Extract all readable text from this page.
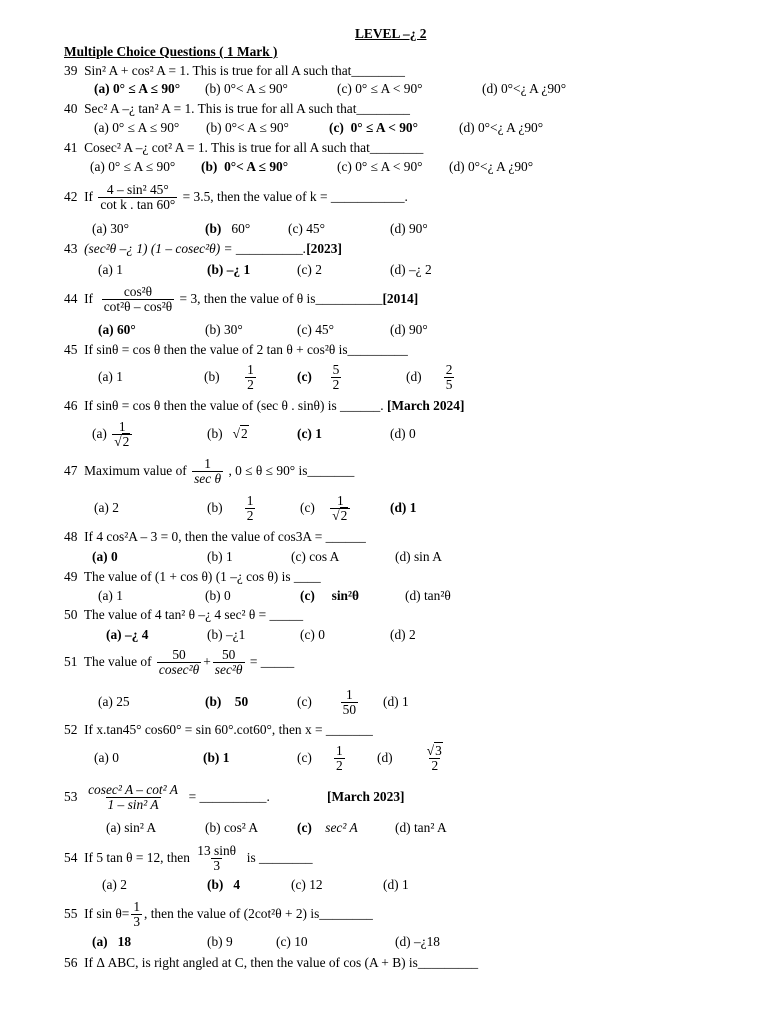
LEVEL –¿ 2
Multiple Choice Questions ( 1 Mark )
39 Sin² A + cos² A = 1. This is true for all A such that________
(a) 0° ≤ A ≤ 90° (b) 0°< A ≤ 90°	(c) 0° ≤ A < 90°	(d) 0°<¿ A ¿90°
40 Sec² A –¿ tan² A = 1. This is true for all A such that________
(a) 0° ≤ A ≤ 90° (b) 0°< A ≤ 90°	(c) 0° ≤ A < 90°	(d) 0°<¿ A ¿90°
41 Cosec² A –¿ cot² A = 1. This is true for all A such that________
(a) 0° ≤ A ≤ 90° (b) 0°< A ≤ 90°	(c) 0° ≤ A < 90° (d) 0°<¿ A ¿90°
42 If $\frac{\text{4 – sin² 45°}}{\text{cot k . tan 60°}} = 3.5$, then the value of k = ___________.
(a) 30°	(b) 60°	(c) 45°	(d) 90°
43 (sec²θ –¿ 1) (1 – cosec²θ) = __________.[2023]
(a) 1	(b) –¿ 1	(c) 2	(d) –¿ 2
44 If $\frac{\text{cos²θ}}{\text{cot²θ – cos²θ}} = 3$, then the value of θ is__________[2014]
(a) 60°	(b) 30°	(c) 45°	(d) 90°
45 If sinθ = cos θ then the value of 2 tan θ + cos²θ is_________
(a) 1	$(b) \frac{1}{2}$	$(c) \frac{5}{2}$	$(d) \frac{2}{5}$
46 If sinθ = cos θ then the value of (sec θ . sinθ) is ______. [March 2024]
$(a) \frac{1}{√2}$	(b)   √2	(c) 1	(d) 0
47 Maximum value of $\frac{1}{\text{sec θ}}$ , 0 ≤ θ ≤ 90° is_______
(a) 2	$(b) \frac{1}{2}$	$(c) \frac{1}{√2}$	(d) 1
48 If 4 cos²A – 3 = 0, then the value of cos3A = ______
(a) 0	(b) 1	(c) cos A	(d) sin A
49 The value of (1 + cos θ) (1 –¿ cos θ) is ____
(a) 1	(b) 0	(c) sin²θ	(d) tan²θ
50 The value of 4 tan² θ –¿ 4 sec² θ = _____
(a) –¿ 4	(b) –¿1	(c) 0	(d) 2
51 The value of $\frac{50}{\text{cosec²θ}} + \frac{50}{\text{sec²θ}}$ = _____
(a) 25	(b) 50	$(c) \frac{1}{50} (d)$ 1
52 If x.tan45° cos60° = sin 60°.cot60°, then x = _______
(a) 0	(b) 1	$(c) \frac{1}{2} (d) \frac{√3}{2}$
$53 \frac{\text{cosec² A – cot² A}}{\text{1 – sin² A}}$ = __________.	[March 2023]
(a) sin² A	(b) cos² A	(c) sec² A	(d) tan² A
54 If 5 tan θ = 12, then $\frac{13 \sin\theta}{3}$ is ________
(a) 2	(b) 4	(c) 12	(d) 1
55 If $\sin \theta= \frac{1}{3}$ , then the value of (2cot²θ + 2) is________
(a) 18	(b) 9	(c) 10	(d) –¿18
56 If Δ ABC, is right angled at C, then the value of cos (A + B) is_________
